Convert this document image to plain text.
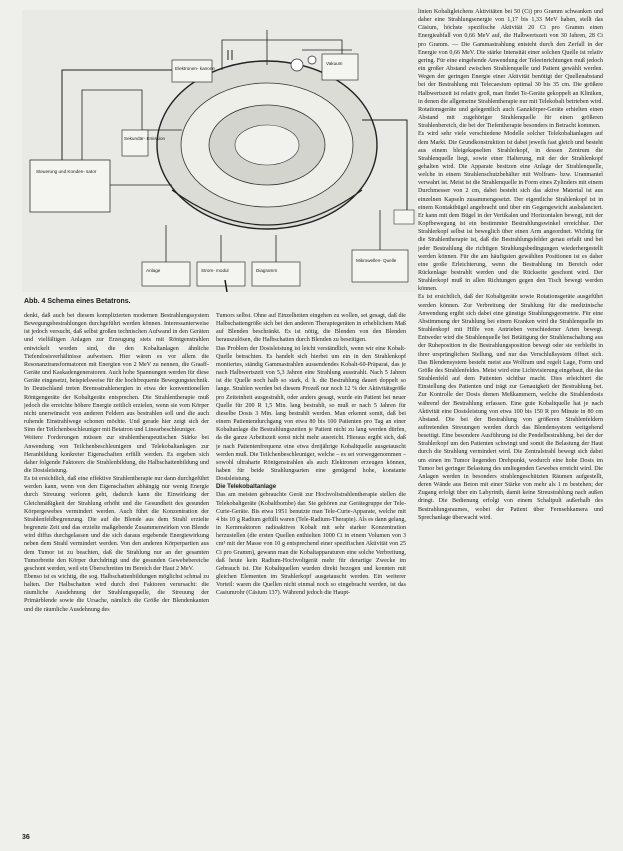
Steuerung und Konden- sator
Elektronen- kanone
Sekundär- Emission
Vakuum
Anlage	Strom- modul	Diagramm
Mikrowellen- Quelle
Abb. 4 Schema eines Betatrons.

denkt, daß auch bei diesem komplizierten modernen Bestrahlungssystem Bewegungsbestrahlungen durchgeführt werden können. Interessanterweise ist jedoch versucht, daß selbst großen technischen Aufwand in den Geräten und vielfältigen Anlagen zur Erzeugung stets mit Röntgenstrahlen entwickelt worden sind, die den Kobaltanlagen ähnliche Tiefendosisverhältnisse aufweisen. Hier wären es vor allem die Resonanztransformatoren mit Energien von 2 MeV zu nennen, die Graaff-Geräte und Kaskadengeneratoren. Auch hohe Spannungen werden für diese Geräte eingesetzt, beispielsweise für die hochfrequente Bewegungstechnik. In Deutschland treten Bremsstrahlenergien in etwa der konventionellen Röntgengeräte der Kobaltgeräte entsprechen. Die Strahlentherapie muß jedoch die erreichte höhere Energie zeitlich erzielen, wenn sie vom Körper nicht unerwünscht von anderen Feldern aus bestrahlen soll und die auch ruhende Einstrahlwege schonen möchte. Und gerade hier zeigt sich der Sinn der Teilchenbeschleuniger mit Betatron und Linearbeschleuniger.

Weitere Forderungen müssen zur strahlentherapeutischen Stärke bei Anwendung von Teilchenbeschleunigern und Telekobaltanlagen zur Heranbildung konkreter Eigenschaften erfüllt werden. Es ergeben sich daher folgende Faktoren: die Strahlenbildung, die Halbschattenbildung und die Dosisleistung.

Es ist ersichtlich, daß eine effektive Strahlentherapie nur dann durchgeführt werden kann, wenn von den Eigenschaften abhängig nur wenig Energie durch Streuung verloren geht, dadurch kann die Einwirkung der Gleichmäßigkeit der Strahlung erhöht und die Gesundheit des gesunden Körpergewebes vermindert werden. Auch führt die Konzentration der Strahlenfeldbegrenzung. Die auf die Blende aus dem Strahl erzielte begrenzte Zeit und das erzielte maßgebende Zusammenwirken von Blende wird diffus durchgelassen und die sich daraus ergebende Energiewirkung neben dem Strahl vermindert werden. Von den anderen Körperpartien aus dem Tumor ist zu beachten, daß die Strahlung nur an der gesamten Tumorbreite den Körper durchdringt und die gesunden Gewebebereiche geschont werden, weil ein Überschreiten im Bereich der Haut 2 MeV.

Ebenso ist es wichtig, die sog. Halbschattenbildungen möglichst schmal zu halten. Der Halbschatten wird durch drei Faktoren verursacht: die räumliche Ausdehnung der Strahlungsquelle, die Streuung der Primärblende sowie die Ursache, nämlich die Größe der Blendenkanten und die räumliche Ausdehnung des

Tumors selbst. Ohne auf Einzelheiten eingehen zu wollen, sei gesagt, daß die Halbschattengröße sich bei den anderen Therapiegeräten in erheblichem Maß auf Blenden beschränkt. Es ist nötig, die Blenden von den Blenden herauszulösen, die Halbschatten durch Blenden zu beseitigen.

Das Problem der Dosisleistung ist leicht verständlich, wenn wir eine Kobalt-Quelle betrachten. Es handelt sich hierbei um ein in den Strahlenkopf montiertes, ständig Gammastrahlen aussendendes Kobalt-60-Präparat, das je nach Halbwertszeit von 5,3 Jahren eine Strahlung ausstrahlt. Nach 5 Jahren ist die Quelle noch halb so stark, d. h. die Bestrahlung dauert doppelt so lange. Strahlen werden bei diesem Prozeß nur noch 12 % der Aktivitätsgröße pro Zeiteinheit ausgestrahlt, oder anders gesagt, wurde ein Patient bei neuer Quelle für 200 R 1,5 Min. lang bestrahlt, so muß er nach 5 Jahren für dieselbe Dosis 3 Min. lang bestrahlt werden. Man erkennt somit, daß bei einem Patientendurchgang von etwa 80 bis 100 Patienten pro Tag an einer Kobaltanlage die Bestrahlungszeiten je Patient nicht zu lang werden dürfen, da die ganze Arbeitszeit sonst nicht mehr ausreicht. Hieraus ergibt sich, daß je nach Patientenfrequenz eine etwa dreijährige Kobaltquelle ausgetauscht werden muß. Die Teilchenbeschleuniger, welche – es sei vorweggenommen – sowohl ultraharte Röntgenstrahlen als auch Elektronen erzeugen können, haben für beide Strahlungsarten eine genügend hohe, konstante Dosisleistung.

Die Telekobaltanlage

Das am meisten gebrauchte Gerät zur Hochvoltstrahlentherapie stellen die Telekobaltgeräte (Kobaltbombe) dar. Sie gehören zur Gerätegruppe der Tele-Curie-Geräte. Bis etwa 1951 benutzte man Tele-Curie-Apparate, welche mit 4 bis 10 g Radium gefüllt waren (Tele-Radium-Therapie). Als es dann gelang, in Kernreaktoren radioaktives Kobalt mit sehr starker Konzentration herzustellen (die ersten Quellen enthielten 1000 Ci in einem Volumen von 3 cm³ mit der Masse von 10 g entsprechend einer spezifischen Aktivität von 25 Ci pro Gramm), gewann man die Kobaltapparaturen eine solche Verbreitung, daß heute kein Radium-Hochvoltgerät mehr für derartige Zwecke im Gebrauch ist. Die Kobaltquellen wurden direkt bezogen und konnten mit gleichen Elementen im Strahlerkopf ausgetauscht werden. Ein weiterer Vorteil: waren die Quellen nicht einmal noch so eingebracht werden, ist das Casiumrohr (Cäsium 137). Während jedoch die Haupt-

linien Kobaltgleichens Aktivitäten bei 50 (Ci) pro Gramm schwanken und daher eine Strahlungsenergie von 1,17 bis 1,33 MeV haben, stellt das Cäsium, höchste spezifische Aktivität 20 Ci pro Gramm einen Energieabfall von 0,66 MeV auf, die Halbwertszeit von 30 Jahren, 28 Ci pro Gramm. — Die Gammastrahlung entsteht durch den Zerfall in der Energie von 0,66 MeV. Die stärke Intensität einer solchen Quelle ist relativ gering. Für eine eingehende Anwendung der Teleeinrichtungen muß jedoch ein großer Abstand zwischen Strahlenquelle und Patient gewählt werden. Wegen der geringen Energie einer Aktivität benötigt der Quellenabstand bei der Bestrahlung mit Telecaesium optimal 30 bis 35 cm. Die größere Halbwertszeit ist relativ groß, man findet Te-Geräte gekoppelt an Kliniken, in denen die allgemeine Strahlentherapie nur mit Telekobalt betrieben wird. Rotationsgeräte und gelegentlich auch Ganzkörper-Geräte erhielten einen Abstand mit zugehöriger Strahlenquelle für einen größeren Strahlenbereich, die bei der Tiefentherapie besonders in Betracht kommen.

Es wird sehr viele verschiedene Modelle solcher Telekobaltanlagen auf dem Markt. Die Grundkonstruktion ist dabei jeweils fast gleich und besteht aus einem bleigekapselten Strahlerkopf, in dessen Zentrum die Strahlenquelle liegt, sowie einer Halterung, mit der der Strahlenkopf gehalten wird. Die Apparate besitzen eine Anlage der Strahlenquelle, welche in einem Strahlenschutzbehälter mit Wolfram- bzw. Uranmantel verwahrt ist. Meist ist die Strahlenquelle in Form eines Zylinders mit einem Durchmesser von 2 cm, dabei besteht sich das aktive Material ist aus einzelnen Kapseln zusammengesetzt. Der eigentliche Strahlenkopf ist in einem Kontaktbügel angebracht und über ein Gegengewicht ausbalanciert. Er kann mit dem Bügel in der Vertikalen und Horizontalen bewegt, mit der Kopfbewegung ist ein bestimmter Bestrahlungswinkel erreichbar. Der Strahlerkopf selbst ist beweglich über einen Arm angeordnet. Wichtig für die Strahlentherapie ist, daß die Bestrahlungsfelder genau erfaßt und bei jeder Bestrahlung die richtigen Strahlungsbedingungen wiederhergestellt werden können. Für die am häufigsten gewählten Positionen ist es daher eine große Erleichterung, wenn die Bestrahlung im Bereich oder Rückenlage bestrahlt werden und die Rückseite geschont wird. Der Strahlerkopf muß in allen Richtungen gegen den Tisch bewegt werden können.

Es ist ersichtlich, daß der Kobaltgeräte sowie Rotationsgeräte ausgeführt werden können. Zur Verbreitung der Strahlung für die medizinische Anwendung ergibt sich dabei eine günstige Strahlungsgeometrie. Für eine Abstimmung der Strahlung bei einem Kranken wird die Strahlenquelle im Strahlenkopf mit Hilfe von Antrieben verschiedener Arten bewegt. Entweder wird die Strahlenquelle bei Betätigung der Strahlenschaltung aus der Ruheposition in die Bestrahlungsposition bewegt oder sie verbleibt in ihrer ursprünglichen Stellung, und nur das Verschlußsystem öffnet sich. Das Blendensystem besteht meist aus Wolfram und regelt Lage, Form und Größe des Strahlenfeldes. Meist wird eine Lichtvisierung eingebaut, die das Strahlenfeld auf dem Patienten sichtbar macht. Dies erleichtert die Einstellung des Patienten und trägt zur Genauigkeit der Bestrahlung bei. Zur Kontrolle der Dosis dienen Meßkammern, welche die Strahlendosis während der Bestrahlung erfassen. Eine gute Kobaltquelle hat je nach Aktivität eine Dosisleistung von etwa 100 bis 150 R pro Minute in 80 cm Abstand. Die bei der Bestrahlung von größeren Strahlenfeldern auftretenden Streuungen werden durch das Blendensystem weitgehend beseitigt. Eine besondere Ausführung ist die Pendelbestrahlung, bei der der Strahlerkopf um den Patienten schwingt und somit die Belastung der Haut durch die Strahlung vermindert wird. Die Zentralstrahl bewegt sich dabei um einen im Tumor liegenden Drehpunkt, wodurch eine hohe Dosis im Tumor bei geringer Belastung des umliegenden Gewebes erreicht wird. Die Anlagen werden in besonders strahlengeschützten Räumen aufgestellt, deren Wände aus Beton mit einer Stärke von mehr als 1 m bestehen; der Zugang erfolgt über ein Labyrinth, damit keine Streustrahlung nach außen dringt. Die Bedienung erfolgt von einem Schaltpult außerhalb des Bestrahlungsraumes, wobei der Patient über Fernsehkamera und Sprechanlage überwacht wird.

36
